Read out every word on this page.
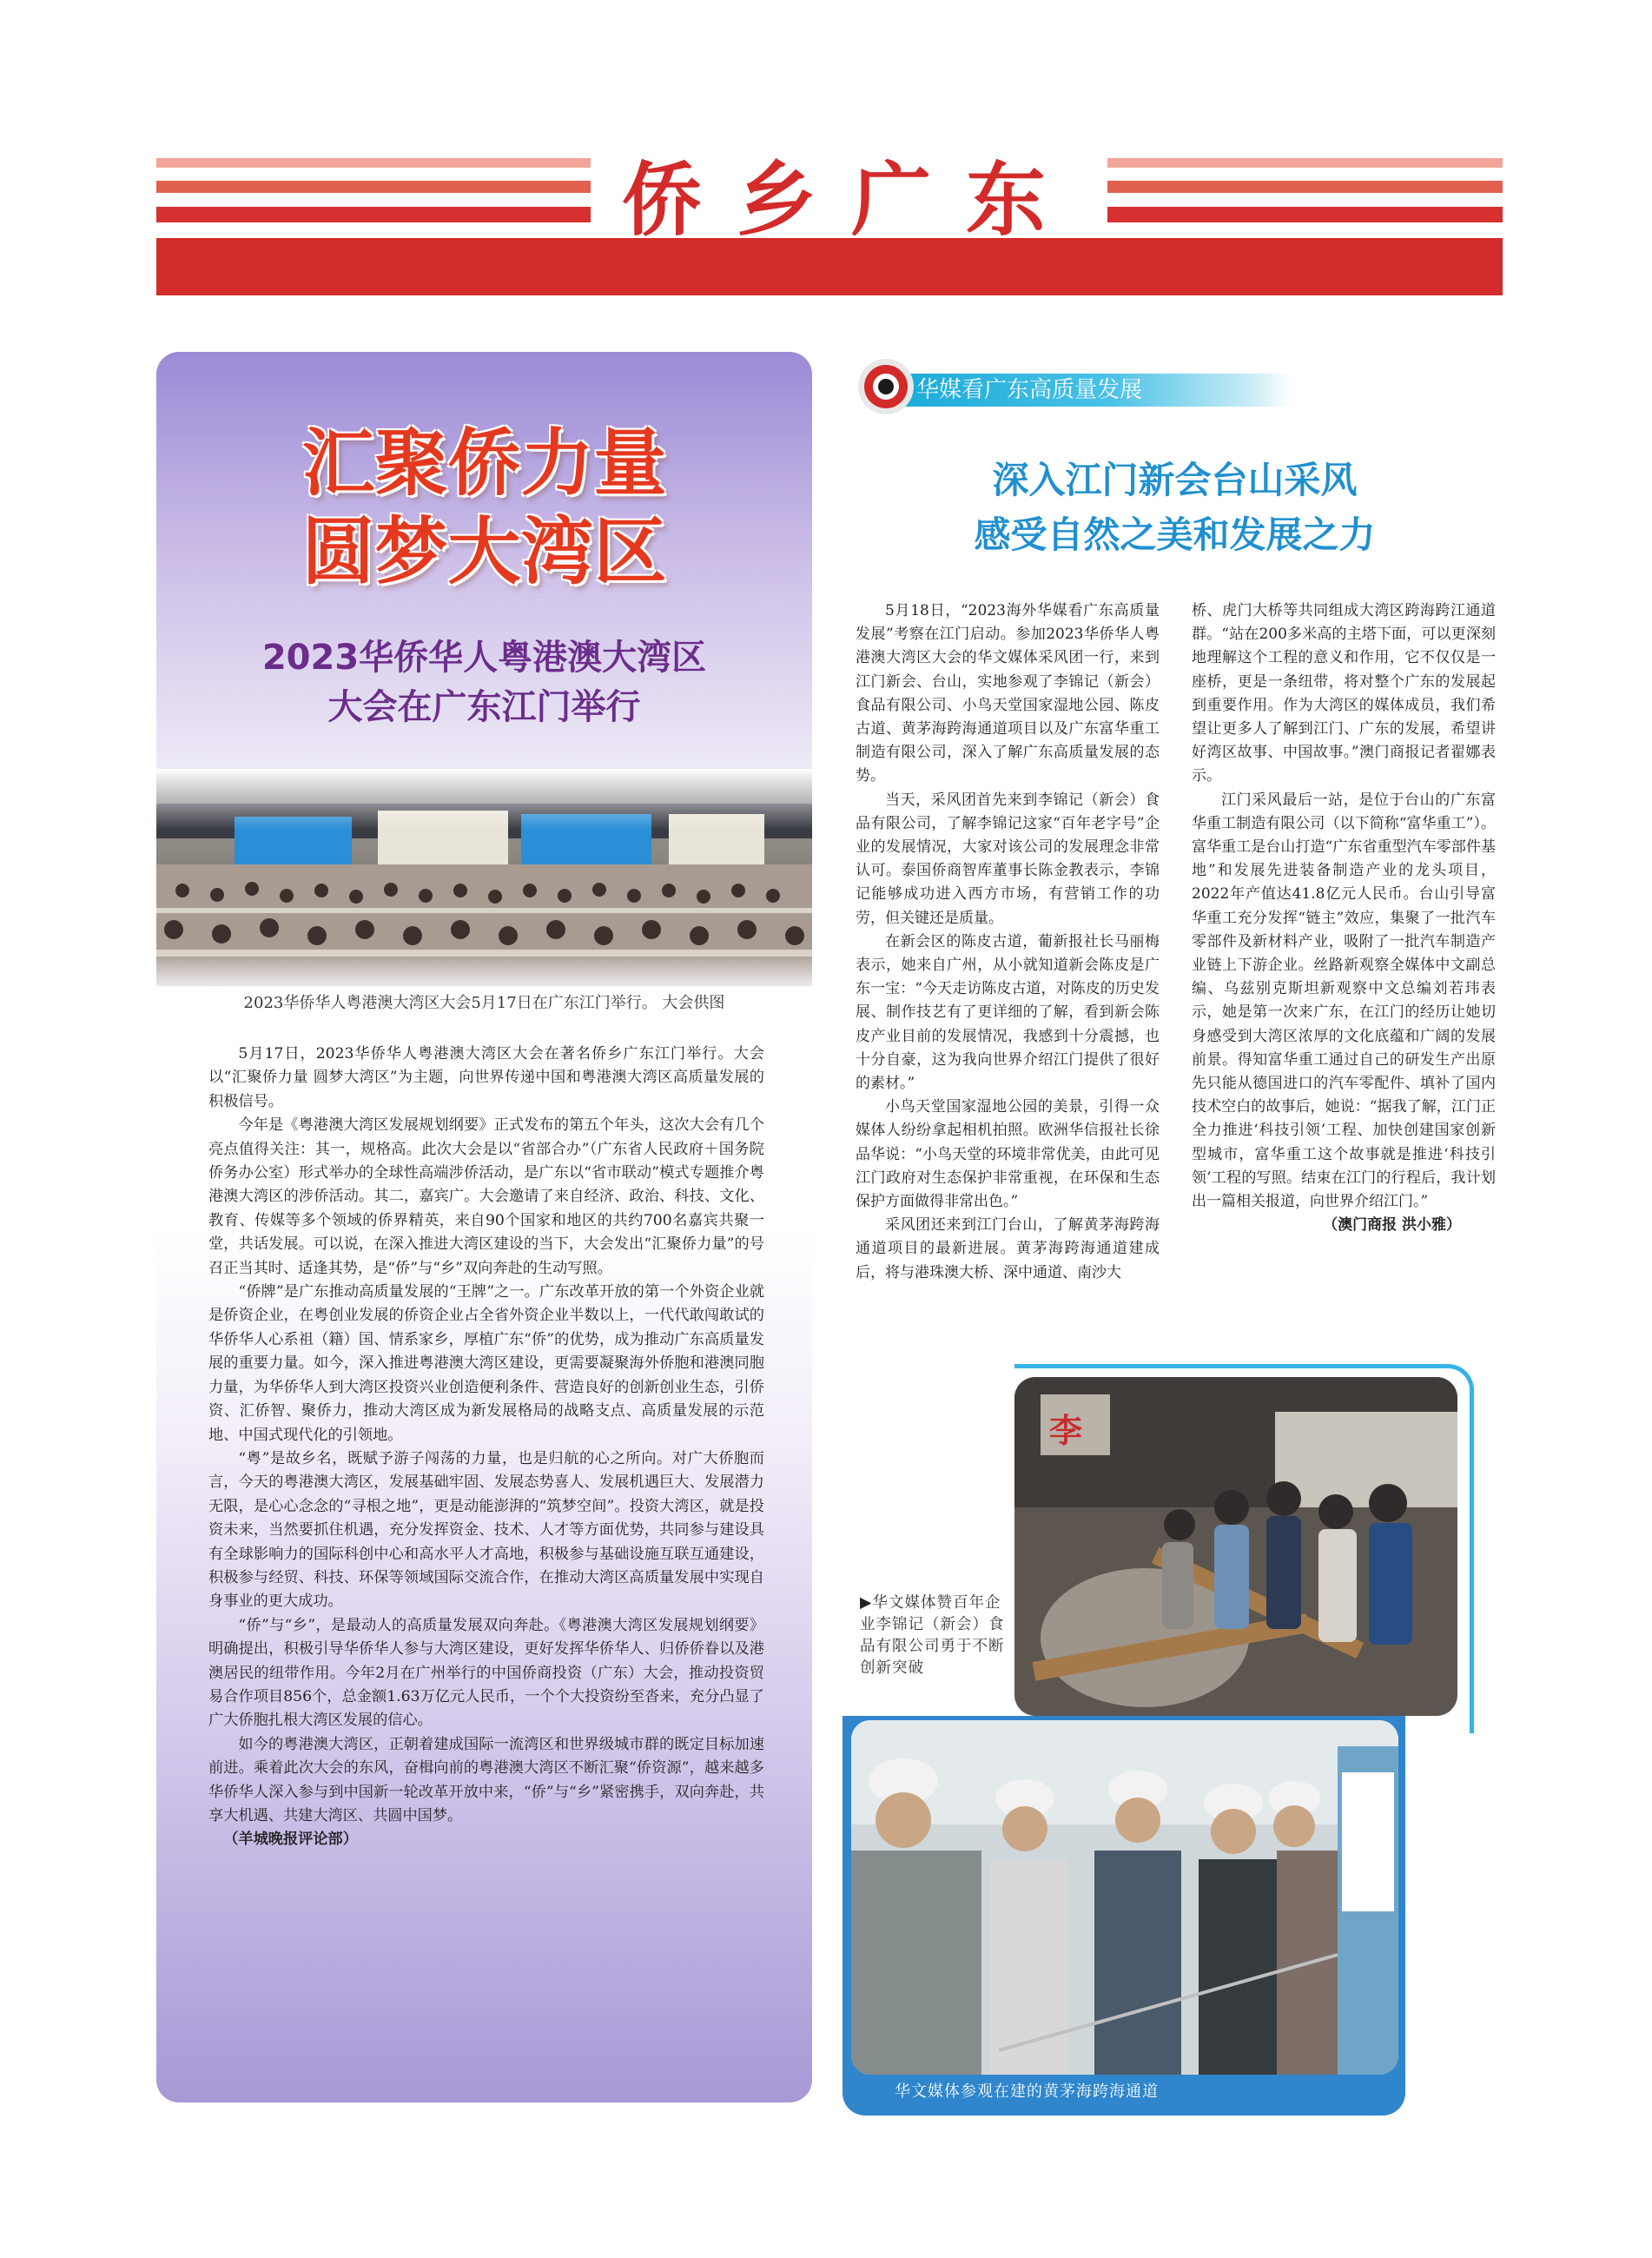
侨乡广东
汇聚侨力量
圆梦大湾区
2023华侨华人粤港澳大湾区
大会在广东江门举行
2023华侨华人粤港澳大湾区大会5月17日在广东江门举行。 大会供图

5月17日，2023华侨华人粤港澳大湾区大会在著名侨乡广东江门举行。大会以“汇聚侨力量 圆梦大湾区”为主题，向世界传递中国和粤港澳大湾区高质量发展的积极信号。

今年是《粤港澳大湾区发展规划纲要》正式发布的第五个年头，这次大会有几个亮点值得关注：其一，规格高。此次大会是以“省部合办”（广东省人民政府＋国务院侨务办公室）形式举办的全球性高端涉侨活动，是广东以“省市联动”模式专题推介粤港澳大湾区的涉侨活动。其二，嘉宾广。大会邀请了来自经济、政治、科技、文化、教育、传媒等多个领域的侨界精英，来自90个国家和地区的共约700名嘉宾共聚一堂，共话发展。可以说，在深入推进大湾区建设的当下，大会发出“汇聚侨力量”的号召正当其时、适逢其势，是“侨”与“乡”双向奔赴的生动写照。

“侨牌”是广东推动高质量发展的“王牌”之一。广东改革开放的第一个外资企业就是侨资企业，在粤创业发展的侨资企业占全省外资企业半数以上，一代代敢闯敢试的华侨华人心系祖（籍）国、情系家乡，厚植广东“侨”的优势，成为推动广东高质量发展的重要力量。如今，深入推进粤港澳大湾区建设，更需要凝聚海外侨胞和港澳同胞力量，为华侨华人到大湾区投资兴业创造便利条件、营造良好的创新创业生态，引侨资、汇侨智、聚侨力，推动大湾区成为新发展格局的战略支点、高质量发展的示范地、中国式现代化的引领地。

“粤”是故乡名，既赋予游子闯荡的力量，也是归航的心之所向。对广大侨胞而言，今天的粤港澳大湾区，发展基础牢固、发展态势喜人、发展机遇巨大、发展潜力无限，是心心念念的“寻根之地”，更是动能澎湃的“筑梦空间”。投资大湾区，就是投资未来，当然要抓住机遇，充分发挥资金、技术、人才等方面优势，共同参与建设具有全球影响力的国际科创中心和高水平人才高地，积极参与基础设施互联互通建设，积极参与经贸、科技、环保等领域国际交流合作，在推动大湾区高质量发展中实现自身事业的更大成功。

“侨”与“乡”，是最动人的高质量发展双向奔赴。《粤港澳大湾区发展规划纲要》明确提出，积极引导华侨华人参与大湾区建设，更好发挥华侨华人、归侨侨眷以及港澳居民的纽带作用。今年2月在广州举行的中国侨商投资（广东）大会，推动投资贸易合作项目856个，总金额1.63万亿元人民币，一个个大投资纷至沓来，充分凸显了广大侨胞扎根大湾区发展的信心。

如今的粤港澳大湾区，正朝着建成国际一流湾区和世界级城市群的既定目标加速前进。乘着此次大会的东风，奋楫向前的粤港澳大湾区不断汇聚“侨资源”，越来越多华侨华人深入参与到中国新一轮改革开放中来，“侨”与“乡”紧密携手，双向奔赴，共享大机遇、共建大湾区、共圆中国梦。

（羊城晚报评论部）
华媒看广东高质量发展
深入江门新会台山采风
感受自然之美和发展之力

5月18日，“2023海外华媒看广东高质量发展”考察在江门启动。参加2023华侨华人粤港澳大湾区大会的华文媒体采风团一行，来到江门新会、台山，实地参观了李锦记（新会）食品有限公司、小鸟天堂国家湿地公园、陈皮古道、黄茅海跨海通道项目以及广东富华重工制造有限公司，深入了解广东高质量发展的态势。

当天，采风团首先来到李锦记（新会）食品有限公司，了解李锦记这家“百年老字号”企业的发展情况，大家对该公司的发展理念非常认可。泰国侨商智库董事长陈金教表示，李锦记能够成功进入西方市场，有营销工作的功劳，但关键还是质量。

在新会区的陈皮古道，葡新报社长马丽梅表示，她来自广州，从小就知道新会陈皮是广东一宝：“今天走访陈皮古道，对陈皮的历史发展、制作技艺有了更详细的了解，看到新会陈皮产业目前的发展情况，我感到十分震撼，也十分自豪，这为我向世界介绍江门提供了很好的素材。”

小鸟天堂国家湿地公园的美景，引得一众媒体人纷纷拿起相机拍照。欧洲华信报社长徐品华说：“小鸟天堂的环境非常优美，由此可见江门政府对生态保护非常重视，在环保和生态保护方面做得非常出色。”

采风团还来到江门台山，了解黄茅海跨海通道项目的最新进展。黄茅海跨海通道建成后，将与港珠澳大桥、深中通道、南沙大

桥、虎门大桥等共同组成大湾区跨海跨江通道群。“站在200多米高的主塔下面，可以更深刻地理解这个工程的意义和作用，它不仅仅是一座桥，更是一条纽带，将对整个广东的发展起到重要作用。作为大湾区的媒体成员，我们希望让更多人了解到江门、广东的发展，希望讲好湾区故事、中国故事。”澳门商报记者翟娜表示。

江门采风最后一站，是位于台山的广东富华重工制造有限公司（以下简称“富华重工”）。富华重工是台山打造“广东省重型汽车零部件基地”和发展先进装备制造产业的龙头项目，2022年产值达41.8亿元人民币。台山引导富华重工充分发挥“链主”效应，集聚了一批汽车零部件及新材料产业，吸附了一批汽车制造产业链上下游企业。丝路新观察全媒体中文副总编、乌兹别克斯坦新观察中文总编刘若玮表示，她是第一次来广东，在江门的经历让她切身感受到大湾区浓厚的文化底蕴和广阔的发展前景。得知富华重工通过自己的研发生产出原先只能从德国进口的汽车零配件、填补了国内技术空白的故事后，她说：“据我了解，江门正全力推进‘科技引领’工程、加快创建国家创新型城市，富华重工这个故事就是推进‘科技引领’工程的写照。结束在江门的行程后，我计划出一篇相关报道，向世界介绍江门。”

（澳门商报 洪小雅）
李
▶华文媒体赞百年企业李锦记（新会）食品有限公司勇于不断创新突破
华文媒体参观在建的黄茅海跨海通道
